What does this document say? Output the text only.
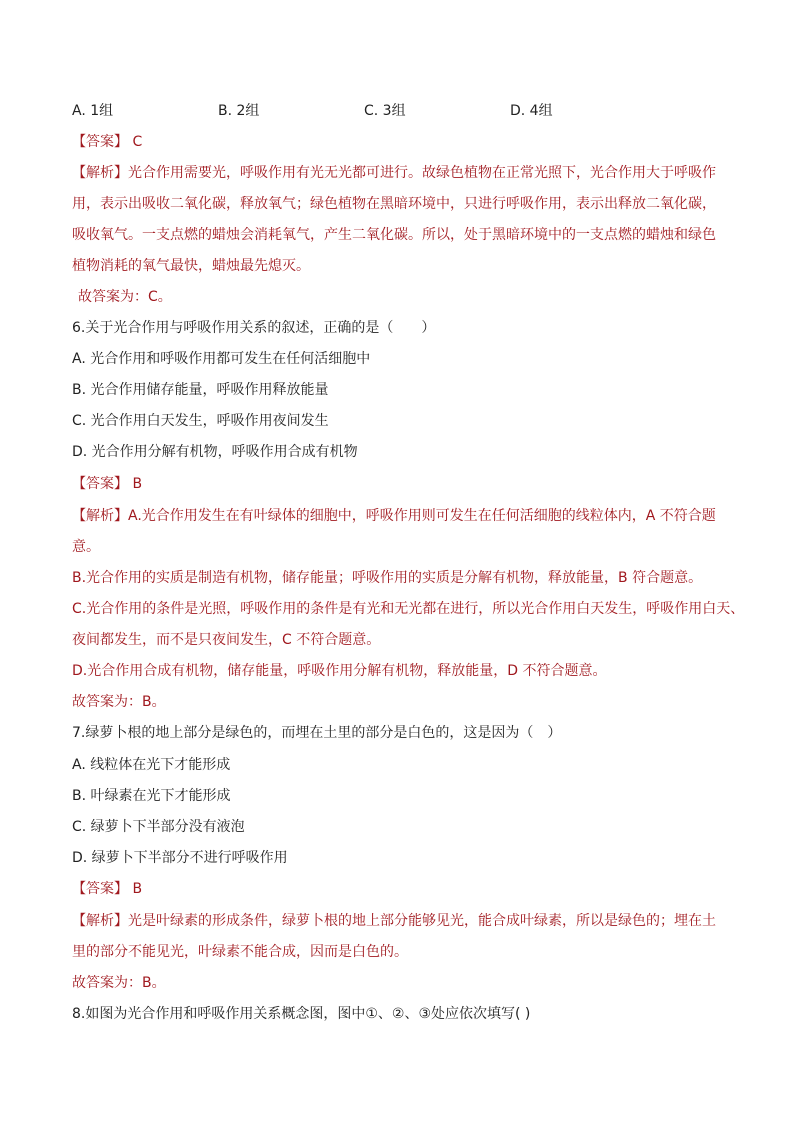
A. 1组	B. 2组	C. 3组	D. 4组
【答案】 C
【解析】光合作用需要光，呼吸作用有光无光都可进行。故绿色植物在正常光照下，光合作用大于呼吸作
用，表示出吸收二氧化碳，释放氧气；绿色植物在黑暗环境中，只进行呼吸作用，表示出释放二氧化碳，
吸收氧气。一支点燃的蜡烛会消耗氧气，产生二氧化碳。所以，处于黑暗环境中的一支点燃的蜡烛和绿色
植物消耗的氧气最快，蜡烛最先熄灭。
故答案为：C。
6.关于光合作用与呼吸作用关系的叙述，正确的是（　　）
A. 光合作用和呼吸作用都可发生在任何活细胞中
B. 光合作用储存能量，呼吸作用释放能量
C. 光合作用白天发生，呼吸作用夜间发生
D. 光合作用分解有机物，呼吸作用合成有机物
【答案】 B
【解析】A.光合作用发生在有叶绿体的细胞中，呼吸作用则可发生在任何活细胞的线粒体内，A 不符合题
意。
B.光合作用的实质是制造有机物，储存能量；呼吸作用的实质是分解有机物，释放能量，B 符合题意。
C.光合作用的条件是光照，呼吸作用的条件是有光和无光都在进行，所以光合作用白天发生，呼吸作用白天、
夜间都发生，而不是只夜间发生，C 不符合题意。
D.光合作用合成有机物，储存能量，呼吸作用分解有机物，释放能量，D 不符合题意。
故答案为：B。
7.绿萝卜根的地上部分是绿色的，而埋在土里的部分是白色的，这是因为（　）
A. 线粒体在光下才能形成
B. 叶绿素在光下才能形成
C. 绿萝卜下半部分没有液泡
D. 绿萝卜下半部分不进行呼吸作用
【答案】 B
【解析】光是叶绿素的形成条件，绿萝卜根的地上部分能够见光，能合成叶绿素，所以是绿色的；埋在土
里的部分不能见光，叶绿素不能合成，因而是白色的。
故答案为：B。
8.如图为光合作用和呼吸作用关系概念图，图中①、②、③处应依次填写( )
